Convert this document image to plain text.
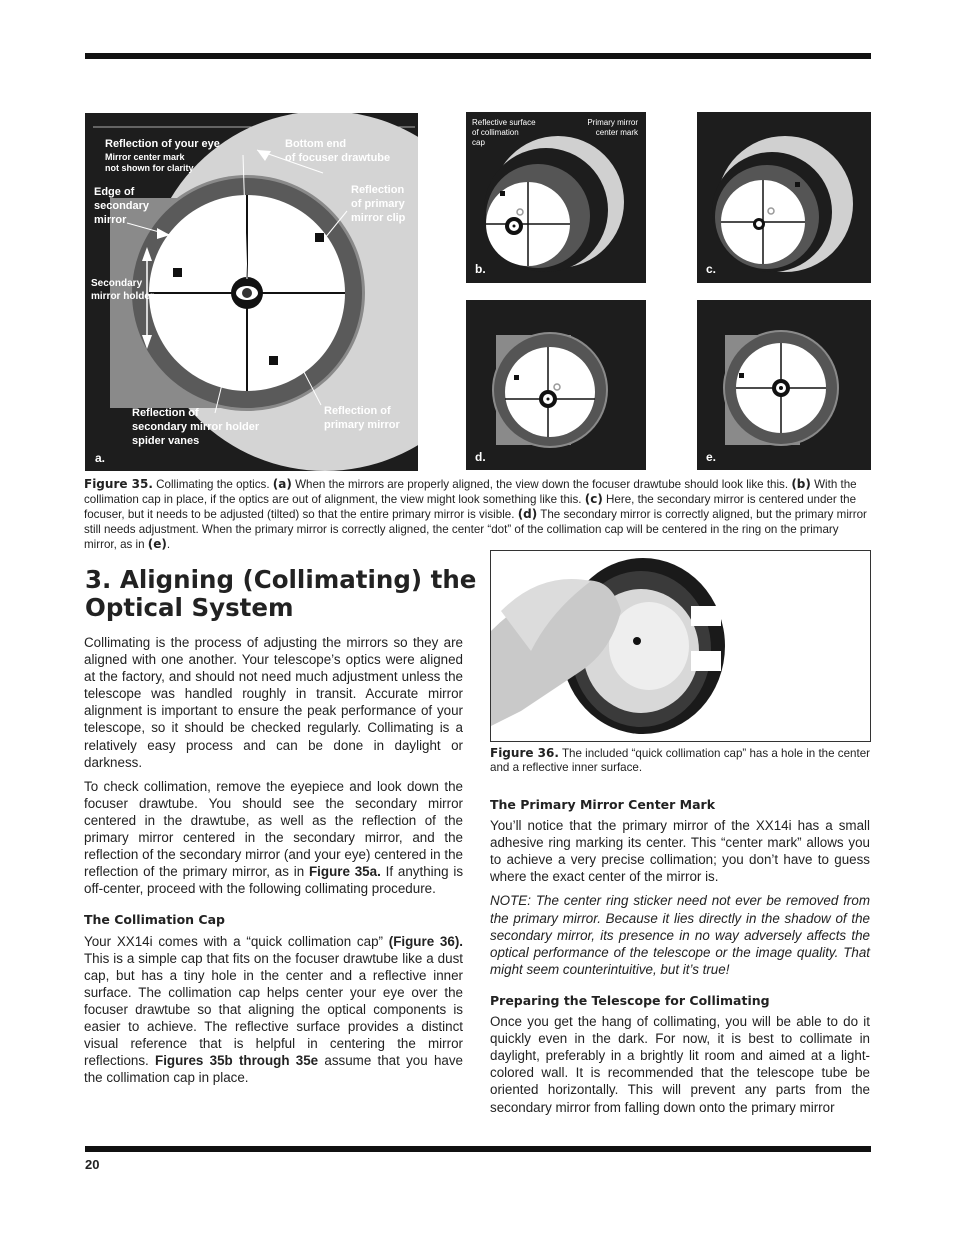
Reflection of your eye
Mirror center mark
not shown for clarity
Bottom end
of focuser drawtube
Edge of
secondary
mirror
Reflection
of primary
mirror clip
Secondary
mirror holder
Reflection of
secondary mirror holder
spider vanes
Reflection of
primary mirror
a.
Reflective surface
of collimation
cap
Primary mirror
center mark
b.	c.
d.	e.
Figure 35. Collimating the optics. (a) When the mirrors are properly aligned, the view down the focuser drawtube should look like this. (b) With the collimation cap in place, if the optics are out of alignment, the view might look something like this. (c) Here, the secondary mirror is centered under the focuser, but it needs to be adjusted (tilted) so that the entire primary mirror is visible. (d) The secondary mirror is correctly aligned, but the primary mirror still needs adjustment. When the primary mirror is correctly aligned, the center “dot” of the collimation cap will be centered in the ring on the primary mirror, as in (e).
3. Aligning (Collimating) the Optical System

Collimating is the process of adjusting the mirrors so they are aligned with one another. Your telescope’s optics were aligned at the factory, and should not need much adjustment unless the telescope was handled roughly in transit. Accurate mirror alignment is important to ensure the peak performance of your telescope, so it should be checked regularly. Collimating is a relatively easy process and can be done in daylight or darkness.

To check collimation, remove the eyepiece and look down the focuser drawtube. You should see the secondary mirror centered in the drawtube, as well as the reflection of the primary mirror centered in the secondary mirror, and the reflection of the secondary mirror (and your eye) centered in the reflection of the primary mirror, as in Figure 35a. If anything is off-center, proceed with the following collimating procedure.

The Collimation Cap

Your XX14i comes with a “quick collimation cap” (Figure 36). This is a simple cap that fits on the focuser drawtube like a dust cap, but has a tiny hole in the center and a reflective inner surface. The collimation cap helps center your eye over the focuser drawtube so that aligning the optical components is easier to achieve. The reflective surface provides a distinct visual reference that is helpful in centering the mirror reflections. Figures 35b through 35e assume that you have the collimation cap in place.

Figure 36. The included “quick collimation cap” has a hole in the center and a reflective inner surface.
The Primary Mirror Center Mark

You’ll notice that the primary mirror of the XX14i has a small adhesive ring marking its center. This “center mark” allows you to achieve a very precise collimation; you don’t have to guess where the exact center of the mirror is.

NOTE: The center ring sticker need not ever be removed from the primary mirror. Because it lies directly in the shadow of the secondary mirror, its presence in no way adversely affects the optical performance of the telescope or the image quality. That might seem counterintuitive, but it’s true!

Preparing the Telescope for Collimating

Once you get the hang of collimating, you will be able to do it quickly even in the dark. For now, it is best to collimate in daylight, preferably in a brightly lit room and aimed at a light-colored wall. It is recommended that the telescope tube be oriented horizontally. This will prevent any parts from the secondary mirror from falling down onto the primary mirror

20
